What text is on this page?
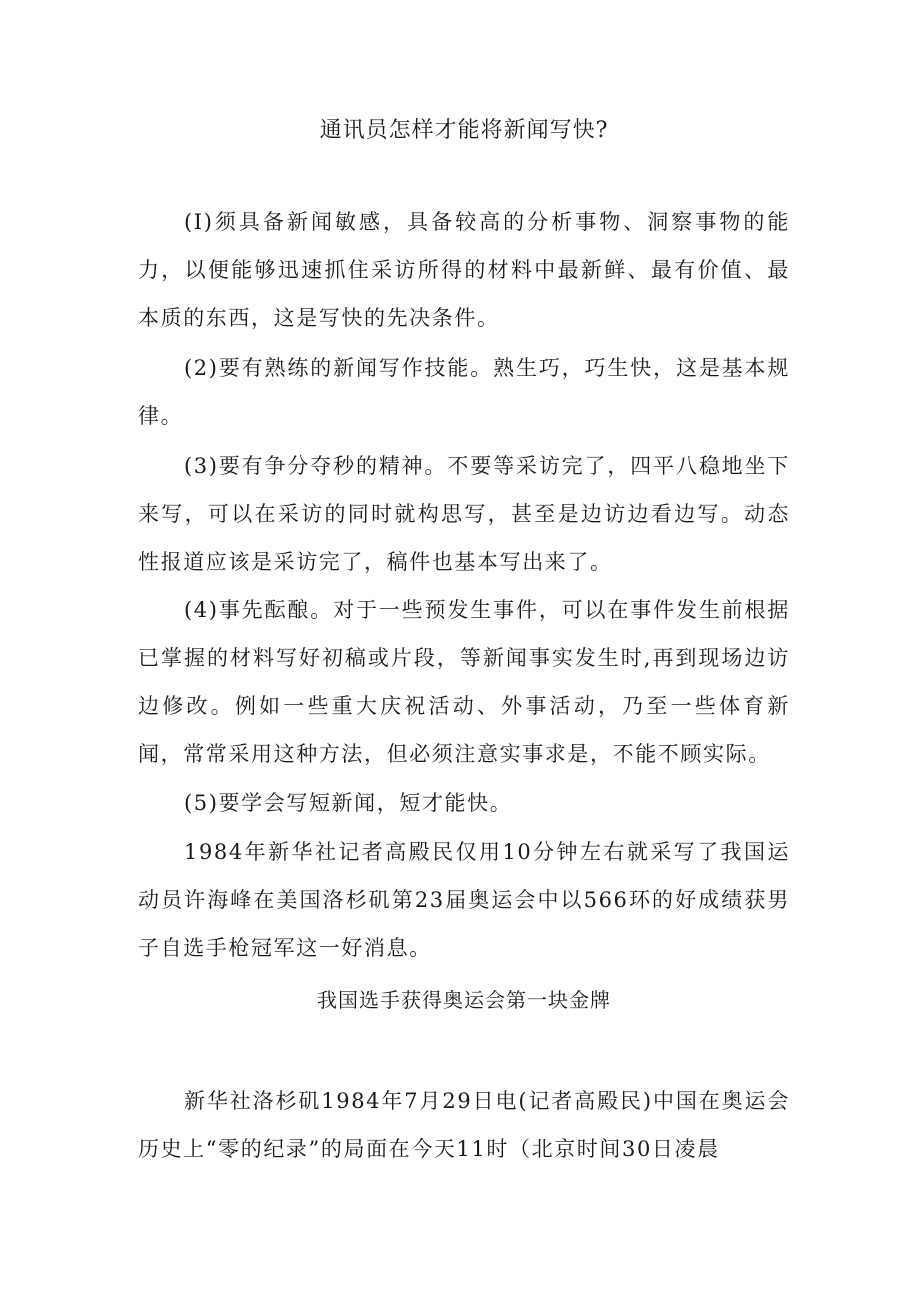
通讯员怎样才能将新闻写快?

(I)须具备新闻敏感，具备较高的分析事物、洞察事物的能力，以便能够迅速抓住采访所得的材料中最新鲜、最有价值、最本质的东西，这是写快的先决条件。

(2)要有熟练的新闻写作技能。熟生巧，巧生快，这是基本规律。

(3)要有争分夺秒的精神。不要等采访完了，四平八稳地坐下来写，可以在采访的同时就构思写，甚至是边访边看边写。动态性报道应该是采访完了，稿件也基本写出来了。

(4)事先酝酿。对于一些预发生事件，可以在事件发生前根据已掌握的材料写好初稿或片段，等新闻事实发生时,再到现场边访边修改。例如一些重大庆祝活动、外事活动，乃至一些体育新闻，常常采用这种方法，但必须注意实事求是，不能不顾实际。

(5)要学会写短新闻，短才能快。

1984年新华社记者高殿民仅用10分钟左右就采写了我国运动员许海峰在美国洛杉矶第23届奥运会中以566环的好成绩获男子自选手枪冠军这一好消息。

我国选手获得奥运会第一块金牌

新华社洛杉矶1984年7月29日电(记者高殿民)中国在奥运会历史上“零的纪录”的局面在今天11时（北京时间30日凌晨
